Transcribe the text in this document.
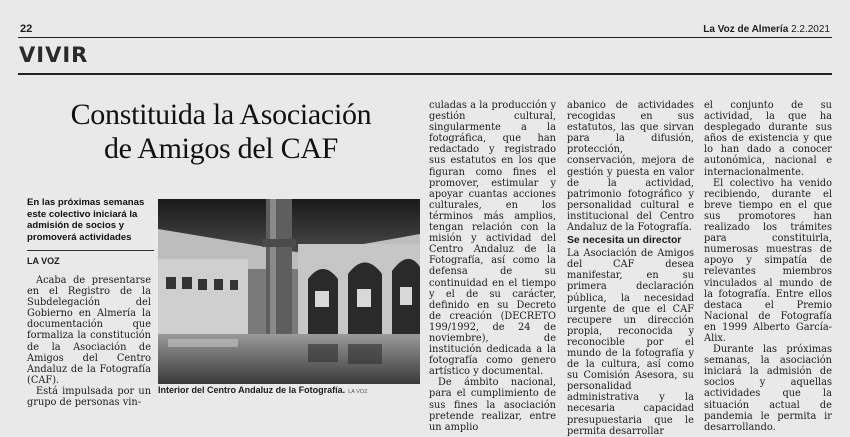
22	La Voz de Almería 2.2.2021
VIVIR
Constituida la Asociación
de Amigos del CAF
En las próximas semanas este colectivo iniciará la admisión de socios y promoverá actividades
LA VOZ

Acaba de presentarse en el Registro de la Subdelegación del Gobierno en Almería la documentación que formaliza la constitución de la Asociación de Amigos del Centro Andaluz de la Fotografía (CAF).

Está impulsada por un grupo de personas vin-

Interior del Centro Andaluz de la Fotografía. LA VOZ

culadas a la producción y gestión cultural, singularmente a la fotográfica, que han redactado y registrado sus estatutos en los que figuran como fines el promover, estimular y apoyar cuantas acciones culturales, en los términos más amplios, tengan relación con la misión y actividad del Centro Andaluz de la Fotografía, así como la defensa de su continuidad en el tiempo y el de su carácter, definido en su Decreto de creación (DECRETO 199/1992, de 24 de noviembre), de institución dedicada a la fotografía como genero artístico y documental.

De ámbito nacional, para el cumplimiento de sus fines la asociación pretende realizar, entre un amplio

abanico de actividades recogidas en sus estatutos, las que sirvan para la difusión, protección, conservación, mejora de gestión y puesta en valor de la actividad, patrimonio fotográfico y personalidad cultural e institucional del Centro Andaluz de la Fotografía.

Se necesita un director

La Asociación de Amigos del CAF desea manifestar, en su primera declaración pública, la necesidad urgente de que el CAF recupere un dirección propia, reconocida y reconocible por el mundo de la fotografía y de la cultura, así como su Comisión Asesora, su personalidad administrativa y la necesaria capacidad presupuestaria que le permita desarrollar

el conjunto de su actividad, la que ha desplegado durante sus años de existencia y que lo han dado a conocer autonómica, nacional e internacionalmente.

El colectivo ha venido recibiendo, durante el breve tiempo en el que sus promotores han realizado los trámites para constituirla, numerosas muestras de apoyo y simpatía de relevantes miembros vinculados al mundo de la fotografía. Entre ellos destaca el Premio Nacional de Fotografía en 1999 Alberto García-Alix.

Durante las próximas semanas, la asociación iniciará la admisión de socios y aquellas actividades que la situación actual de pandemia le permita ir desarrollando.
